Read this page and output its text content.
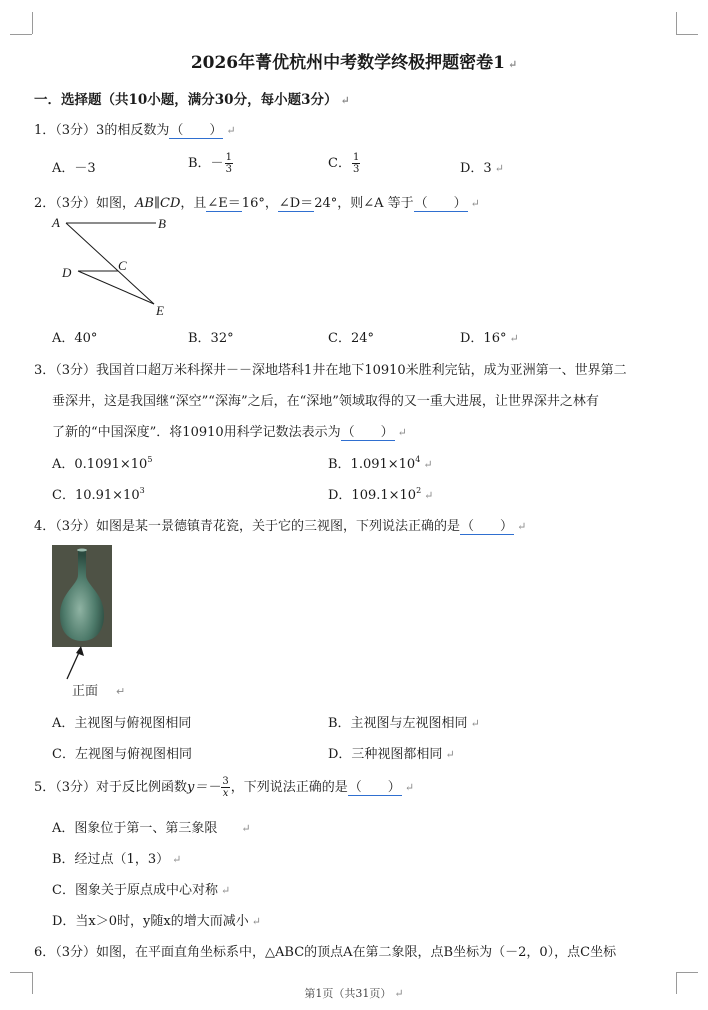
2026年菁优杭州中考数学终极押题密卷1 ↵
一．选择题（共10小题，满分30分，每小题3分） ↵
1．（3分）3的相反数为（　　） ↵
A．－3	B．－ $\frac{1}{3}$	C． $\frac{1}{3}$	D．3 ↵
2．（3分）如图，AB∥CD，且∠E＝16°，∠D＝24°，则∠A 等于（　　） ↵
A	B
C
D
E
A．40°	B．32°	C．24°	D．16° ↵
3．（3分）我国首口超万米科探井－－深地塔科1井在地下10910米胜利完钻，成为亚洲第一、世界第二
垂深井，这是我国继“深空”“深海”之后，在“深地”领域取得的又一重大进展，让世界深井之林有
了新的“中国深度”．将10910用科学记数法表示为（　　） ↵
A．$0.1091\times 10^5$	B．$1.091\times 10^4$ ↵
C．$10.91\times 10^3$	D．$109.1\times 10^2$ ↵
4．（3分）如图是某一景德镇青花瓷，关于它的三视图，下列说法正确的是（　　） ↵
正面 ↵
A．主视图与俯视图相同	B．主视图与左视图相同 ↵
C．左视图与俯视图相同	D．三种视图都相同 ↵
5．（3分）对于反比例函数$y=- \frac{3}{x}$ ，下列说法正确的是（　　） ↵
A．图象位于第一、第三象限 ↵
B．经过点（1，3） ↵
C．图象关于原点成中心对称 ↵
D．当x＞0时，y随x的增大而减小 ↵
6．（3分）如图，在平面直角坐标系中，△ABC的顶点A在第二象限，点B坐标为（－2，0），点C坐标
第1页（共31页） ↵
